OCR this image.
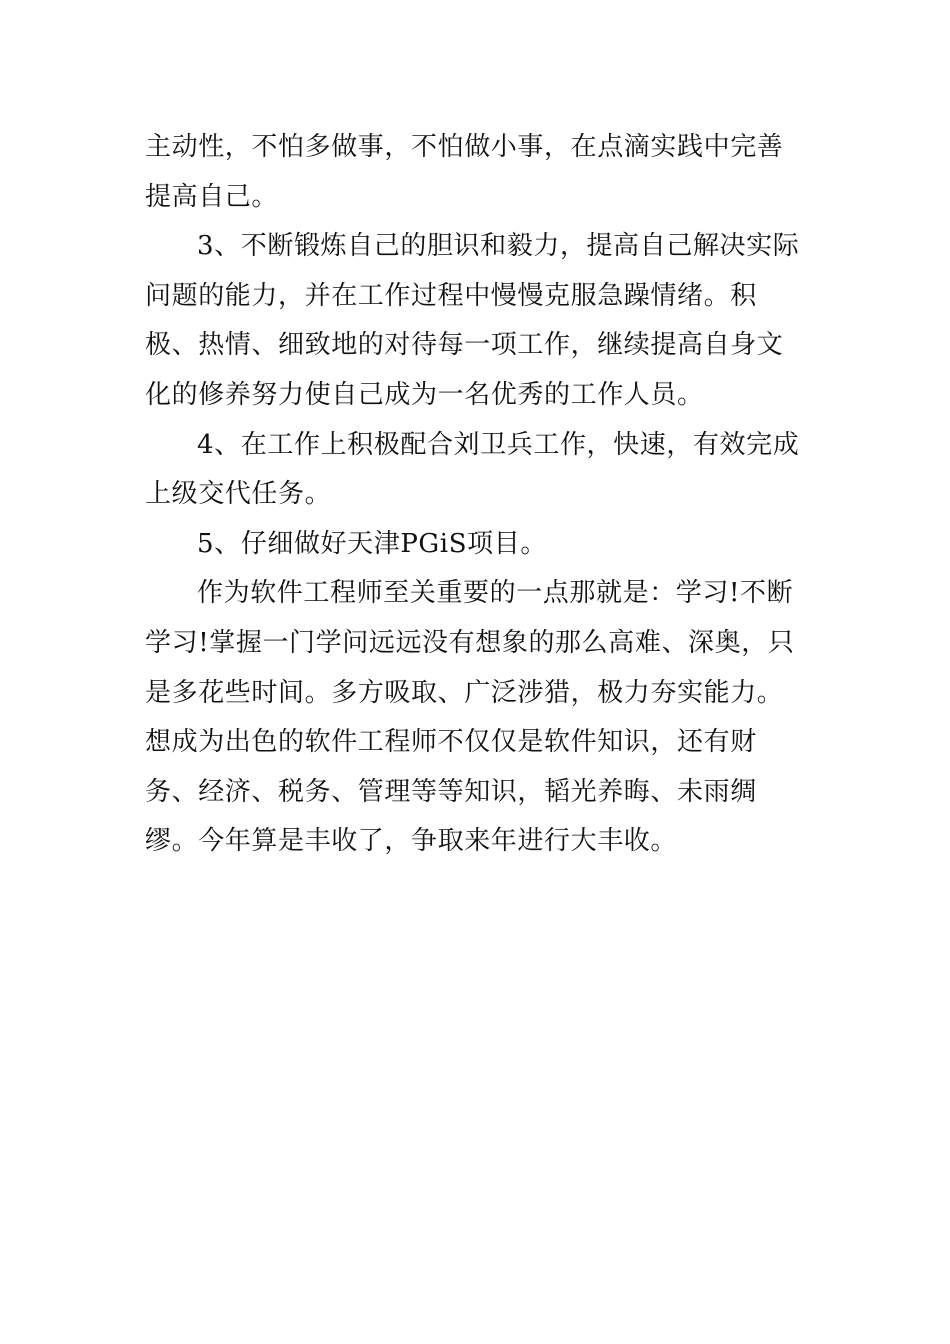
主动性，不怕多做事，不怕做小事，在点滴实践中完善提高自己。

3、不断锻炼自己的胆识和毅力，提高自己解决实际问题的能力，并在工作过程中慢慢克服急躁情绪。积极、热情、细致地的对待每一项工作，继续提高自身文化的修养努力使自己成为一名优秀的工作人员。

4、在工作上积极配合刘卫兵工作，快速，有效完成上级交代任务。

5、仔细做好天津PGiS项目。

作为软件工程师至关重要的一点那就是：学习!不断学习!掌握一门学问远远没有想象的那么高难、深奥，只是多花些时间。多方吸取、广泛涉猎，极力夯实能力。想成为出色的软件工程师不仅仅是软件知识，还有财务、经济、税务、管理等等知识，韬光养晦、未雨绸缪。今年算是丰收了，争取来年进行大丰收。
